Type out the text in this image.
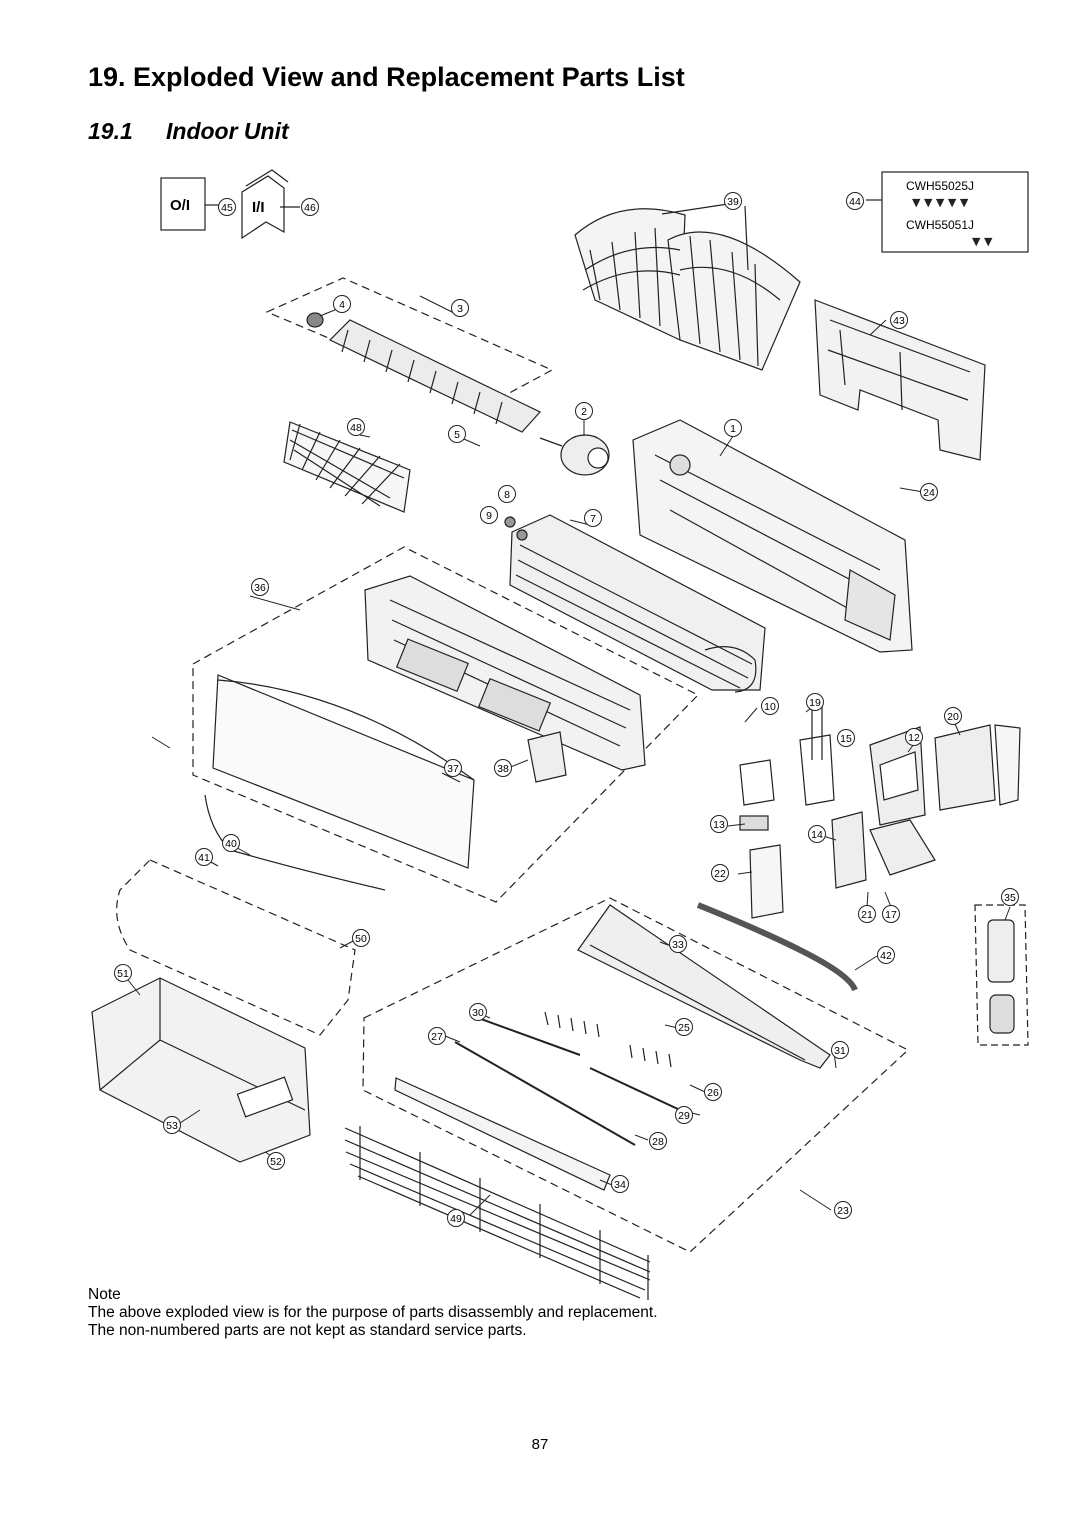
19. Exploded View and Replacement Parts List
19.1 Indoor Unit
O/I	I/I
CWH55025J
CWH55051J
▼ ▼ ▼ ▼ ▼
▼ ▼
1
2
3
4
5
7
8
9
10
12
13
14
15
17
19
20
21
22
23
24
25
26
27
28
29
30
31
33
34
35
36
37	38
39
40
41
42
43
44
45	46
48
49
50
51
52
53
Note
The above exploded view is for the purpose of parts disassembly and replacement.
The non-numbered parts are not kept as standard service parts.
87
